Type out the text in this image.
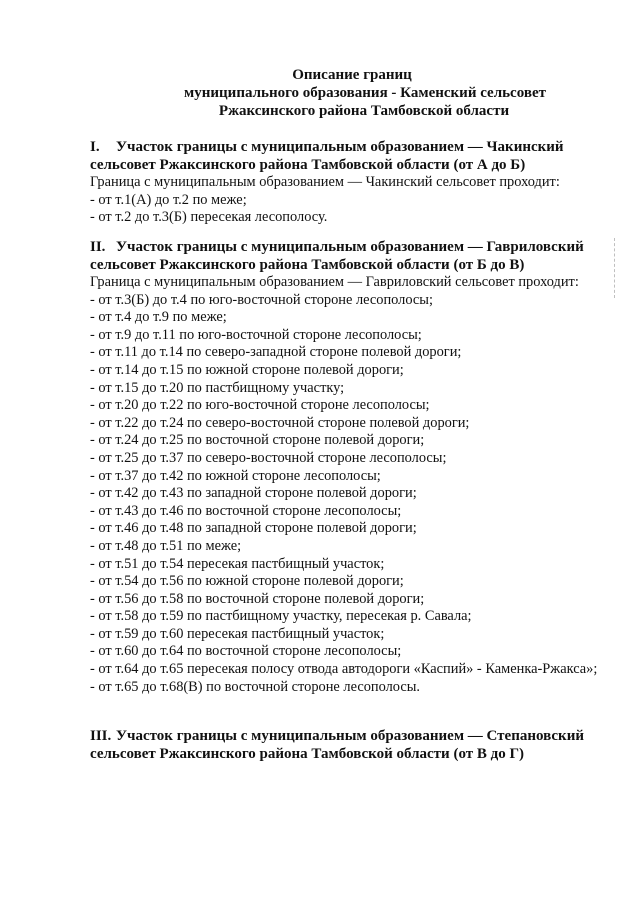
Описание границ
муниципального образования - Каменский сельсовет
Ржаксинского района Тамбовской области
I. Участок границы с муниципальным образованием — Чакинский
сельсовет Ржаксинского района Тамбовской области (от А до Б)
Граница с муниципальным образованием — Чакинский сельсовет проходит:
- от т.1(А) до т.2 по меже;
- от т.2 до т.3(Б) пересекая лесополосу.
II. Участок границы с муниципальным образованием — Гавриловский
сельсовет Ржаксинского района Тамбовской области (от Б до В)
Граница с муниципальным образованием — Гавриловский сельсовет проходит:
- от т.3(Б) до т.4 по юго-восточной стороне лесополосы;
- от т.4 до т.9 по меже;
- от т.9 до т.11 по юго-восточной стороне лесополосы;
- от т.11 до т.14 по северо-западной стороне полевой дороги;
- от т.14 до т.15 по южной стороне полевой дороги;
- от т.15 до т.20 по пастбищному участку;
- от т.20 до т.22 по юго-восточной стороне лесополосы;
- от т.22 до т.24 по северо-восточной стороне полевой дороги;
- от т.24 до т.25 по восточной стороне полевой дороги;
- от т.25 до т.37 по северо-восточной стороне лесополосы;
- от т.37 до т.42 по южной стороне лесополосы;
- от т.42 до т.43 по западной стороне полевой дороги;
- от т.43 до т.46 по восточной стороне лесополосы;
- от т.46 до т.48 по западной стороне полевой дороги;
- от т.48 до т.51 по меже;
- от т.51 до т.54 пересекая пастбищный участок;
- от т.54 до т.56 по южной стороне полевой дороги;
- от т.56 до т.58 по восточной стороне полевой дороги;
- от т.58 до т.59 по пастбищному участку, пересекая р. Савала;
- от т.59 до т.60 пересекая пастбищный участок;
- от т.60 до т.64 по восточной стороне лесополосы;
- от т.64 до т.65 пересекая полосу отвода автодороги «Каспий» - Каменка-Ржакса»;
- от т.65 до т.68(В) по восточной стороне лесополосы.
III. Участок границы с муниципальным образованием — Степановский
сельсовет Ржаксинского района Тамбовской области (от В до Г)
